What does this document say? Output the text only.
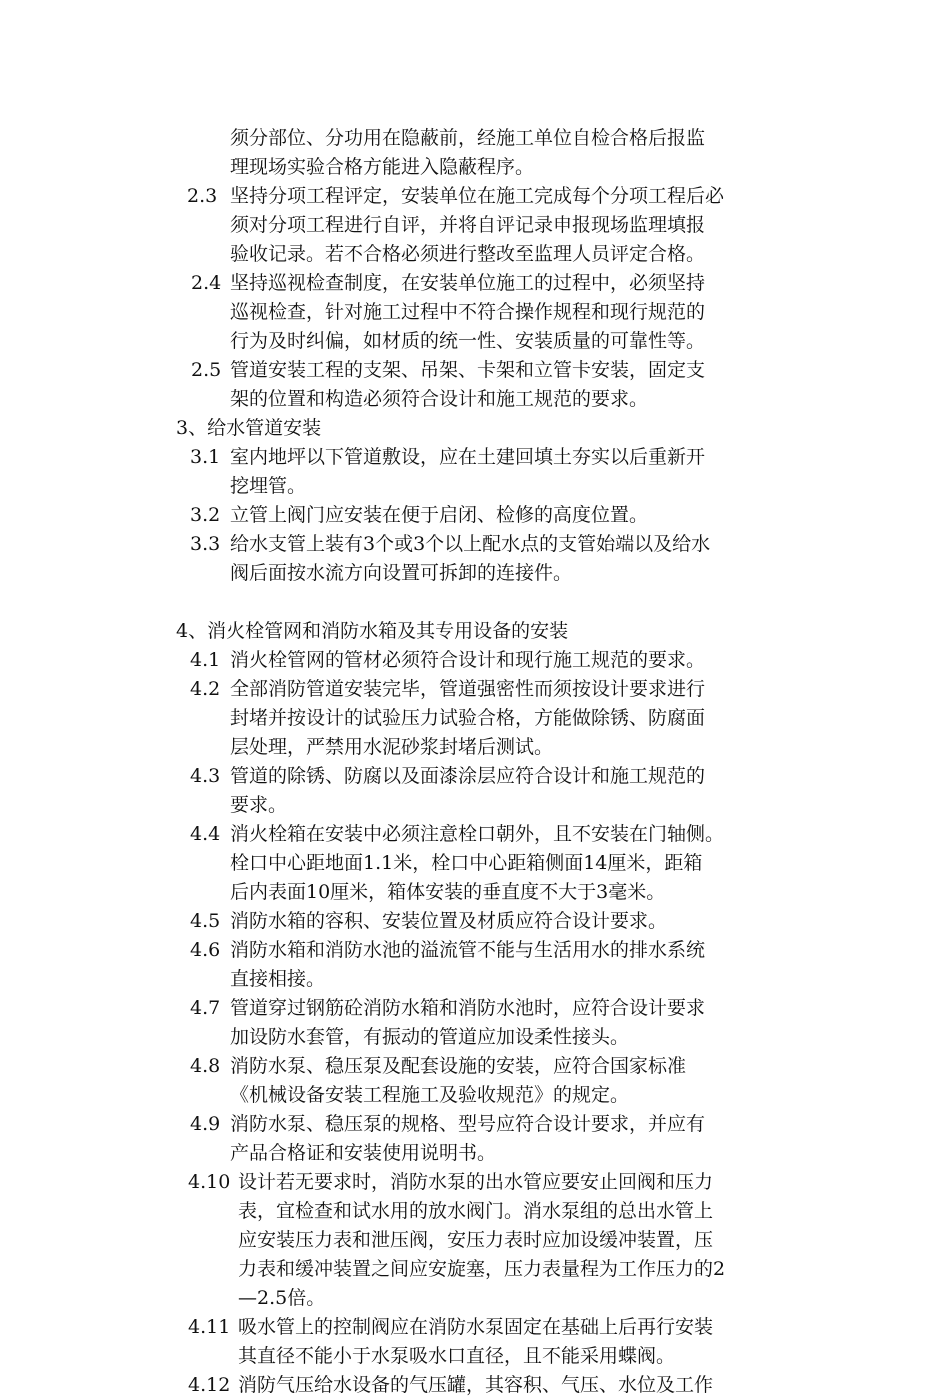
须分部位、分功用在隐蔽前，经施工单位自检合格后报监
理现场实验合格方能进入隐蔽程序。
2.3 坚持分项工程评定，安装单位在施工完成每个分项工程后必
须对分项工程进行自评，并将自评记录申报现场监理填报
验收记录。若不合格必须进行整改至监理人员评定合格。
2.4 坚持巡视检查制度，在安装单位施工的过程中，必须坚持
巡视检查，针对施工过程中不符合操作规程和现行规范的
行为及时纠偏，如材质的统一性、安装质量的可靠性等。
2.5 管道安装工程的支架、吊架、卡架和立管卡安装，固定支
架的位置和构造必须符合设计和施工规范的要求。
3、给水管道安装
3.1 室内地坪以下管道敷设，应在土建回填土夯实以后重新开
挖埋管。
3.2 立管上阀门应安装在便于启闭、检修的高度位置。
3.3 给水支管上装有3个或3个以上配水点的支管始端以及给水
阀后面按水流方向设置可拆卸的连接件。
4、消火栓管网和消防水箱及其专用设备的安装
4.1 消火栓管网的管材必须符合设计和现行施工规范的要求。
4.2 全部消防管道安装完毕，管道强密性而须按设计要求进行
封堵并按设计的试验压力试验合格，方能做除锈、防腐面
层处理，严禁用水泥砂浆封堵后测试。
4.3 管道的除锈、防腐以及面漆涂层应符合设计和施工规范的
要求。
4.4 消火栓箱在安装中必须注意栓口朝外，且不安装在门轴侧。
栓口中心距地面1.1米，栓口中心距箱侧面14厘米，距箱
后内表面10厘米，箱体安装的垂直度不大于3毫米。
4.5 消防水箱的容积、安装位置及材质应符合设计要求。
4.6 消防水箱和消防水池的溢流管不能与生活用水的排水系统
直接相接。
4.7 管道穿过钢筋砼消防水箱和消防水池时，应符合设计要求
加设防水套管，有振动的管道应加设柔性接头。
4.8 消防水泵、稳压泵及配套设施的安装，应符合国家标准
《机械设备安装工程施工及验收规范》的规定。
4.9 消防水泵、稳压泵的规格、型号应符合设计要求，并应有
产品合格证和安装使用说明书。
4.10 设计若无要求时，消防水泵的出水管应要安止回阀和压力
表，宜检查和试水用的放水阀门。消水泵组的总出水管上
应安装压力表和泄压阀，安压力表时应加设缓冲装置，压
力表和缓冲装置之间应安旋塞，压力表量程为工作压力的2
—2.5倍。
4.11 吸水管上的控制阀应在消防水泵固定在基础上后再行安装
其直径不能小于水泵吸水口直径，且不能采用蝶阀。
4.12 消防气压给水设备的气压罐，其容积、气压、水位及工作
